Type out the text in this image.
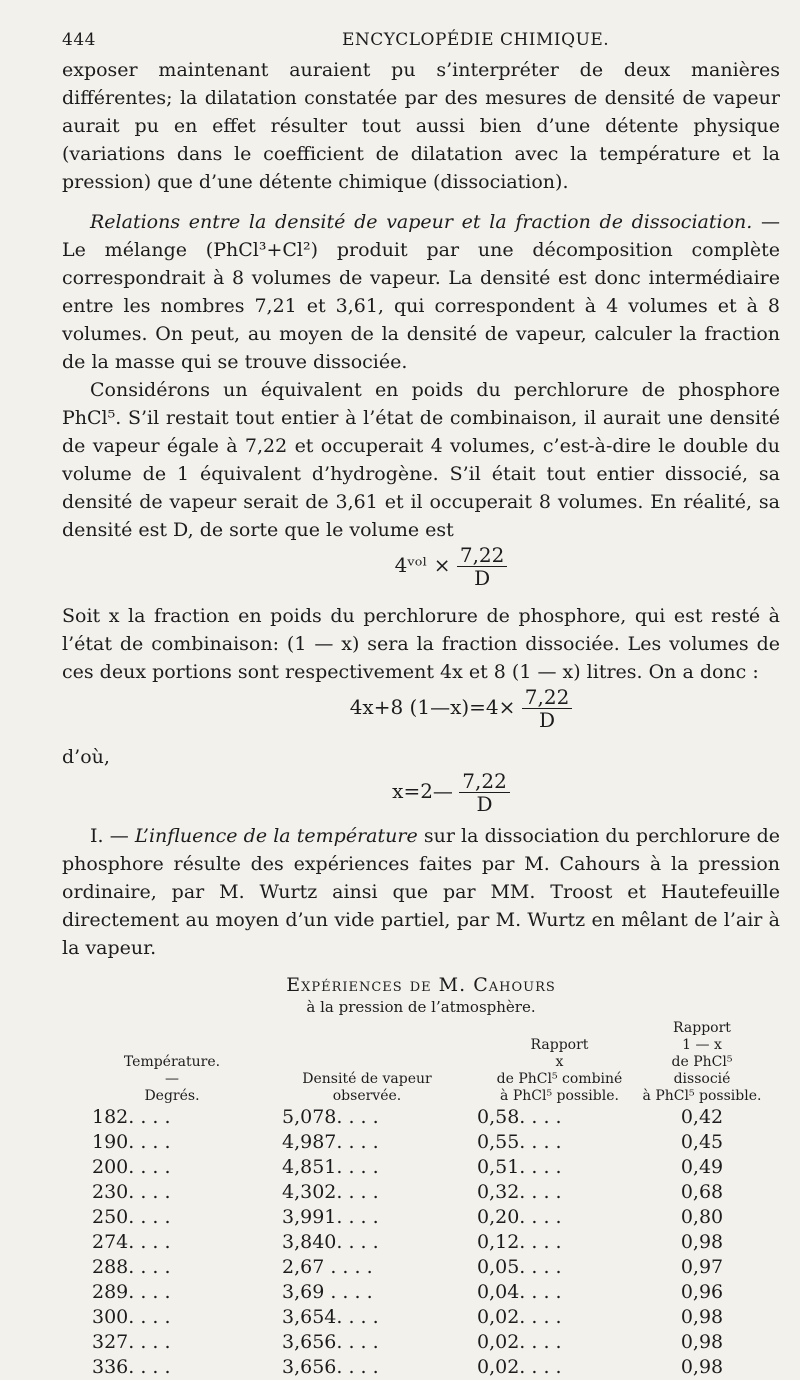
444	ENCYCLOPÉDIE CHIMIQUE.

exposer maintenant auraient pu s’interpréter de deux manières différentes; la dilatation constatée par des mesures de densité de vapeur aurait pu en effet résulter tout aussi bien d’une détente physique (variations dans le coefficient de dilatation avec la température et la pression) que d’une détente chimique (dissociation).

Relations entre la densité de vapeur et la fraction de dissociation. — Le mélange (PhCl³+Cl²) produit par une décomposition complète correspondrait à 8 volumes de vapeur. La densité est donc intermédiaire entre les nombres 7,21 et 3,61, qui correspondent à 4 volumes et à 8 volumes. On peut, au moyen de la densité de vapeur, calculer la fraction de la masse qui se trouve dissociée.

Considérons un équivalent en poids du perchlorure de phosphore PhCl⁵. S’il restait tout entier à l’état de combinaison, il aurait une densité de vapeur égale à 7,22 et occuperait 4 volumes, c’est-à-dire le double du volume de 1 équivalent d’hydrogène. S’il était tout entier dissocié, sa densité de vapeur serait de 3,61 et il occuperait 8 volumes. En réalité, sa densité est D, de sorte que le volume est

4ᵛᵒˡ × $\frac{7,22}{D}$

Soit x la fraction en poids du perchlorure de phosphore, qui est resté à l’état de combinaison: (1 — x) sera la fraction dissociée. Les volumes de ces deux portions sont respectivement 4x et 8 (1 — x) litres. On a donc :

4x+8 (1—x)=4× $\frac{7,22}{D}$
d’où,
x=2— $\frac{7,22}{D}$

I. — L’influence de la température sur la dissociation du perchlorure de phosphore résulte des expériences faites par M. Cahours à la pression ordinaire, par M. Wurtz ainsi que par MM. Troost et Hautefeuille directement au moyen d’un vide partiel, par M. Wurtz en mêlant de l’air à la vapeur.

Expériences de M. Cahours
à la pression de l’atmosphère.
Température.
—
Degrés.	Densité de vapeur
observée.	Rapport
x
de PhCl⁵ combiné
à PhCl⁵ possible.	Rapport
1 — x
de PhCl⁵ dissocié
à PhCl⁵ possible.
182. . . .	5,078. . . .	0,58. . . .	0,42
190. . . .	4,987. . . .	0,55. . . .	0,45
200. . . .	4,851. . . .	0,51. . . .	0,49
230. . . .	4,302. . . .	0,32. . . .	0,68
250. . . .	3,991. . . .	0,20. . . .	0,80
274. . . .	3,840. . . .	0,12. . . .	0,98
288. . . .	2,67 . . . .	0,05. . . .	0,97
289. . . .	3,69 . . . .	0,04. . . .	0,96
300. . . .	3,654. . . .	0,02. . . .	0,98
327. . . .	3,656. . . .	0,02. . . .	0,98
336. . . .	3,656. . . .	0,02. . . .	0,98
